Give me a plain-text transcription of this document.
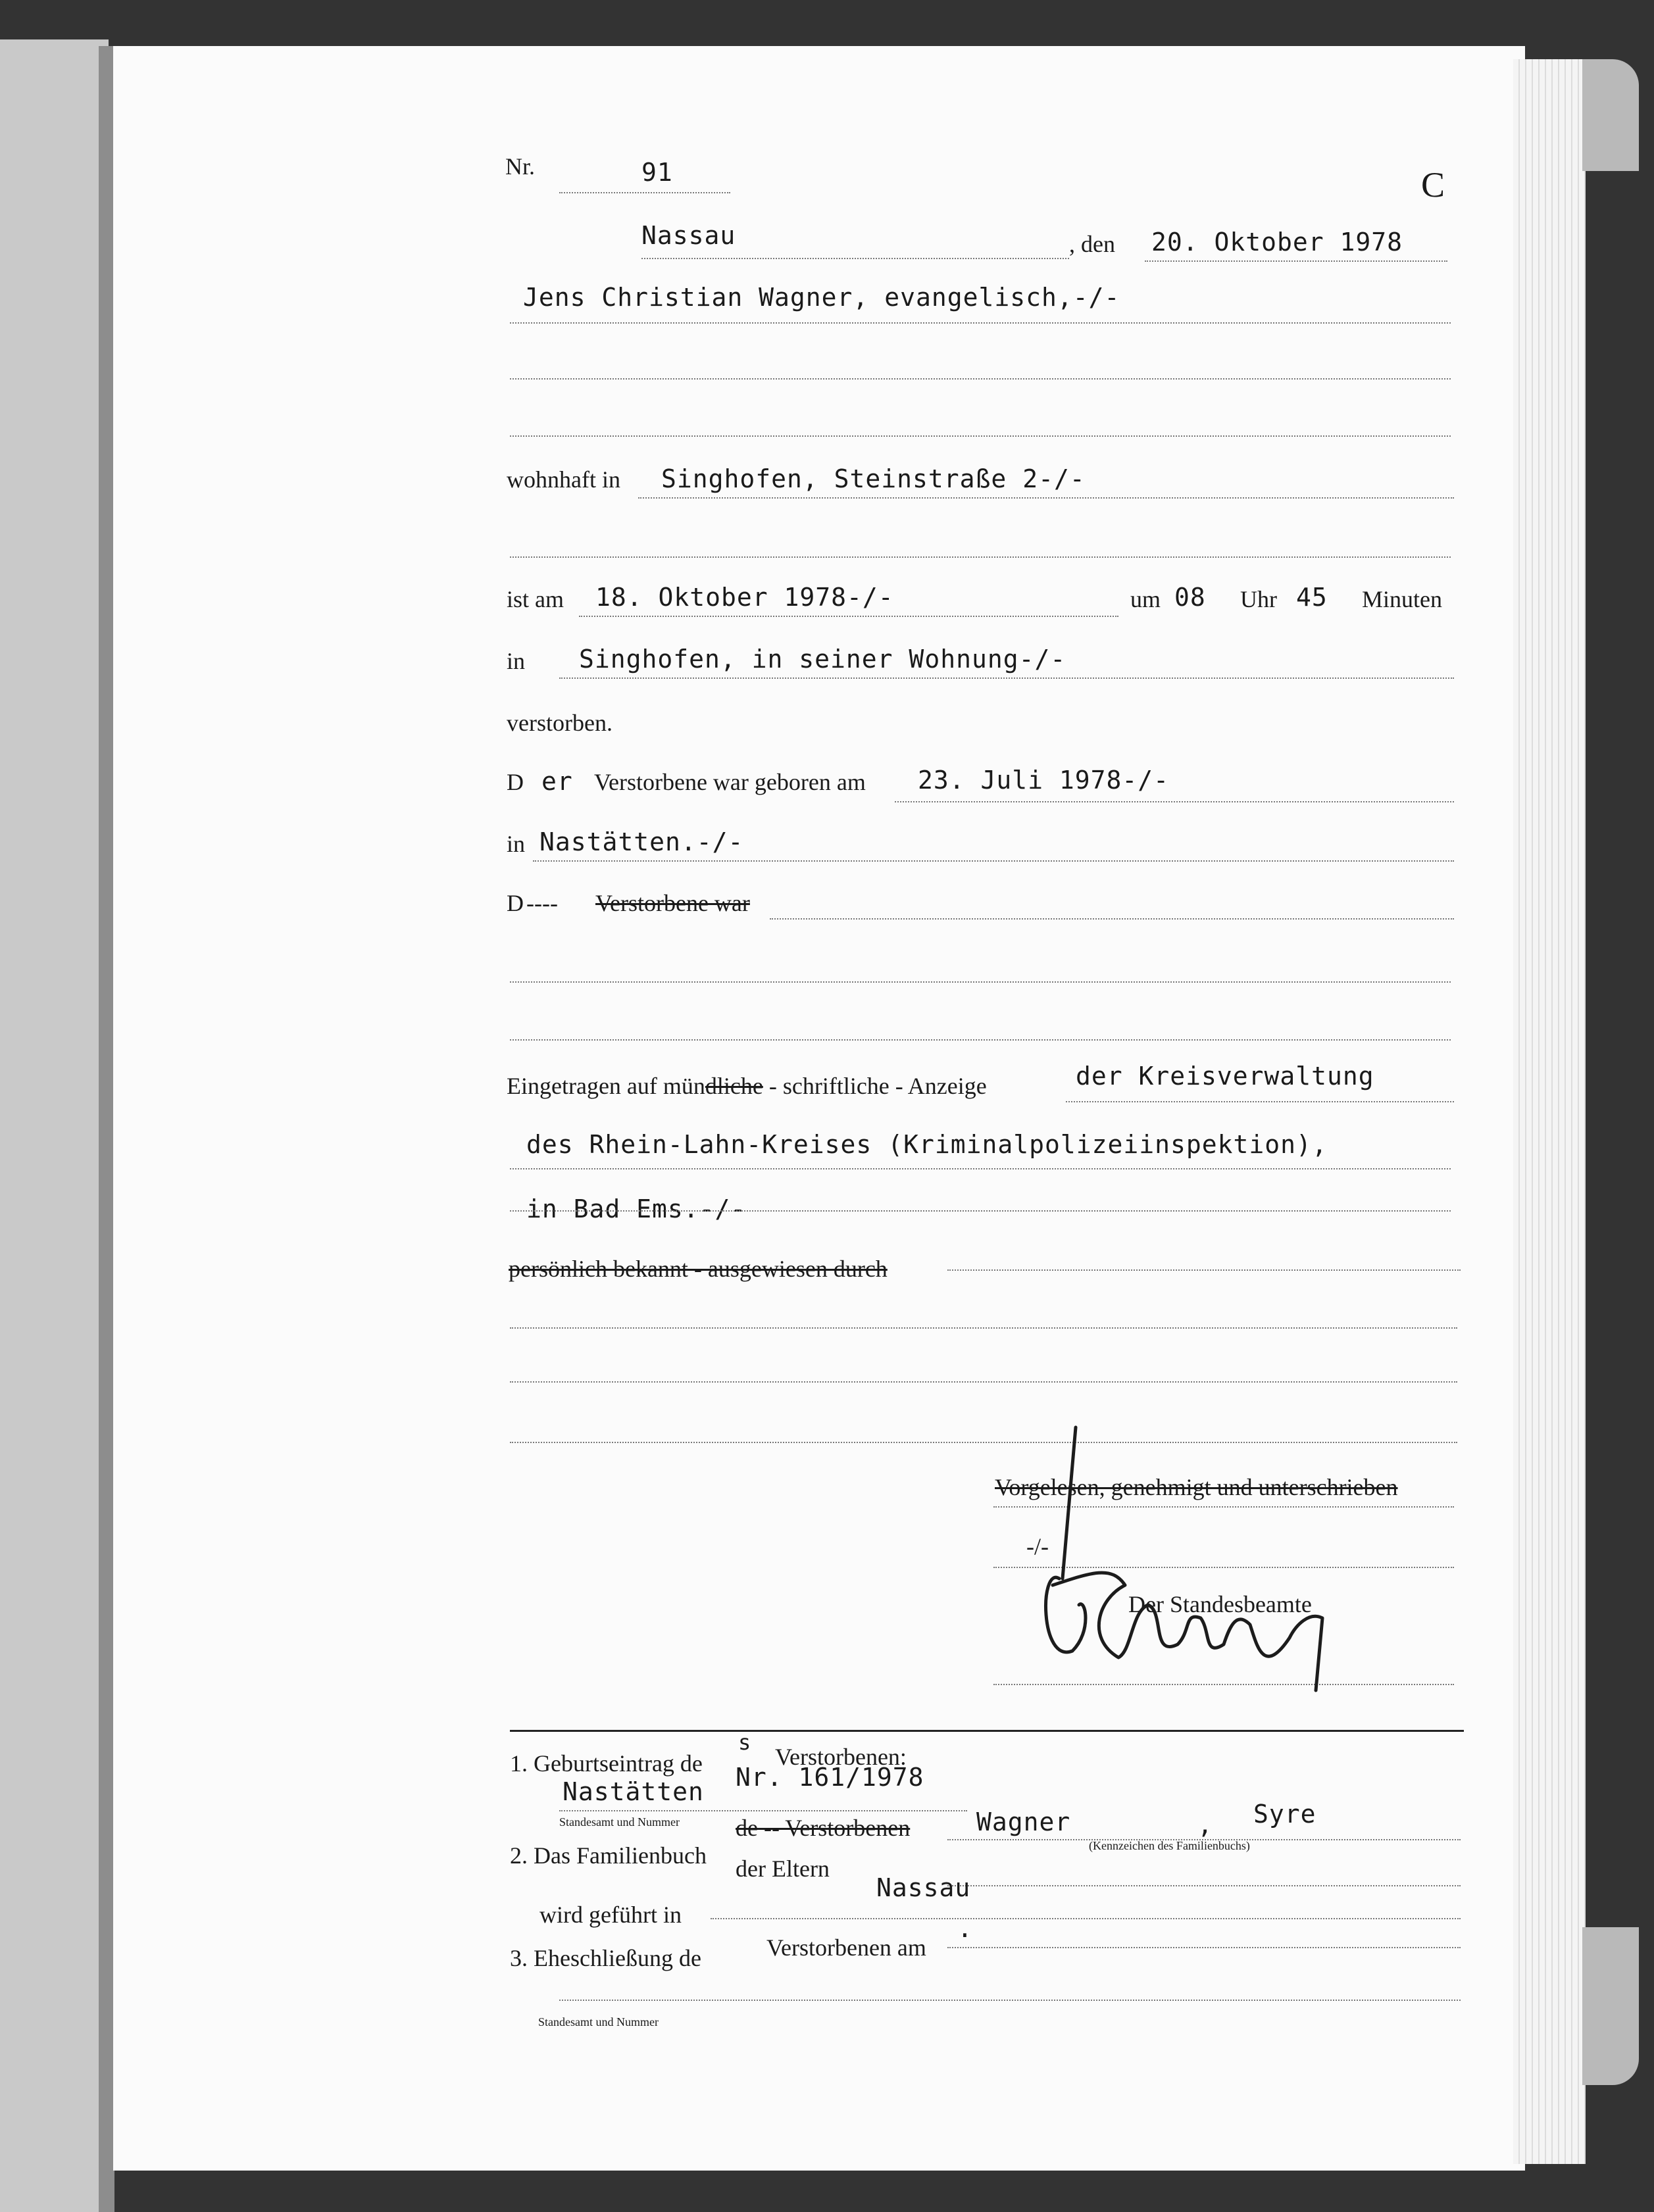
Nr.	91	C
Nassau	, den 20. Oktober 1978
Jens Christian Wagner, evangelisch,-/-
wohnhaft in Singhofen, Steinstraße 2-/-
ist am 18. Oktober 1978-/-	um 08 Uhr 45 Minuten
in Singhofen, in seiner Wohnung-/-
verstorben.
D er Verstorbene war geboren am 23. Juli 1978-/-
in Nastätten.-/-
D ---- Verstorbene war
Eingetragen auf mündliche - schriftliche - Anzeige	der Kreisverwaltung
des Rhein-Lahn-Kreises (Kriminalpolizeiinspektion),
in Bad Ems.-/-
persönlich bekannt - ausgewiesen durch
Vorgelesen, genehmigt und unterschrieben
-/-
Der Standesbeamte
1. Geburtseintrag de
s
Verstorbenen:
Nastätten Nr. 161/1978
Standesamt und Nummer
2. Das Familienbuch
de -- Verstorbenen
der Eltern
Wagner	, Syre
(Kennzeichen des Familienbuchs)
wird geführt in
Nassau
3. Eheschließung de	Verstorbenen am
.
Standesamt und Nummer
